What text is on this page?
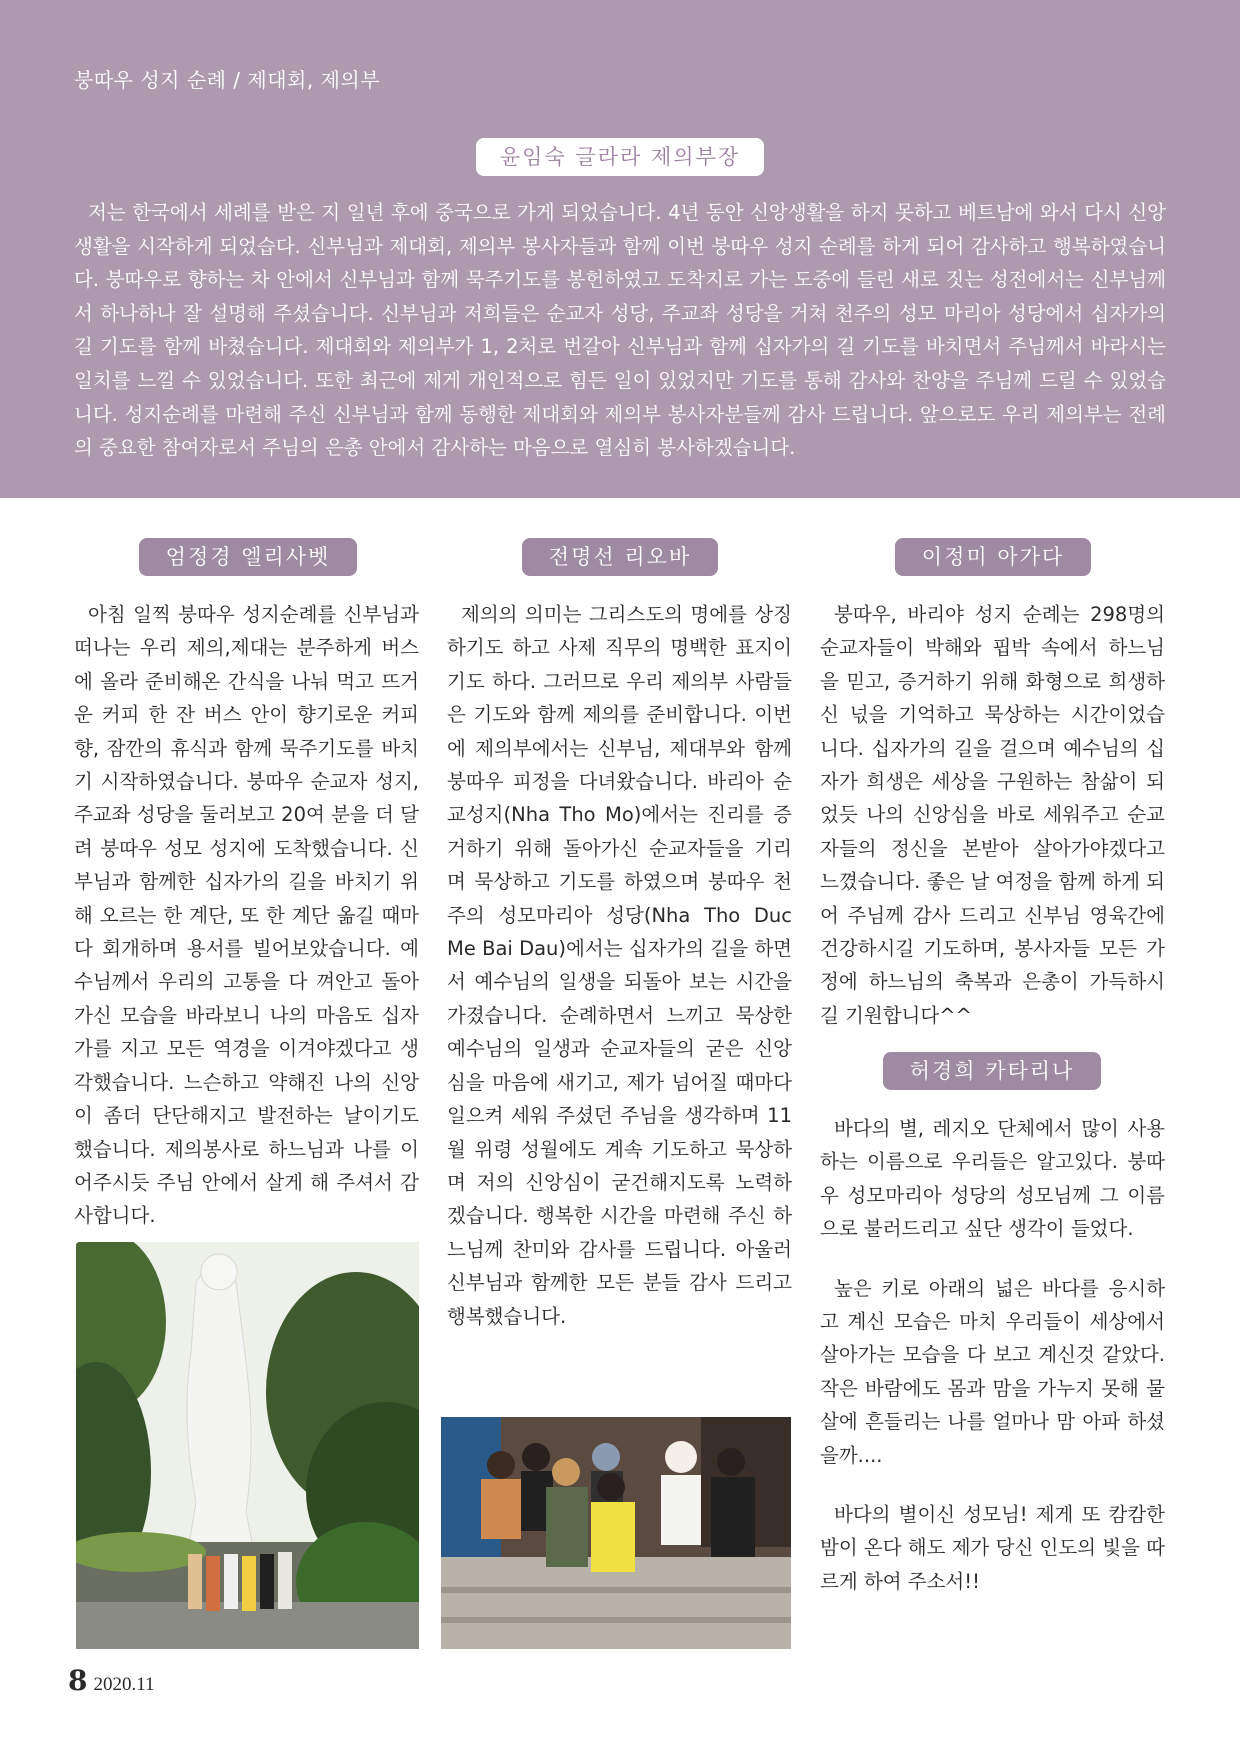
붕따우 성지 순례 / 제대회, 제의부
윤임숙 글라라 제의부장

저는 한국에서 세례를 받은 지 일년 후에 중국으로 가게 되었습니다. 4년 동안 신앙생활을 하지 못하고 베트남에 와서 다시 신앙생활을 시작하게 되었습다. 신부님과 제대회, 제의부 봉사자들과 함께 이번 붕따우 성지 순례를 하게 되어 감사하고 행복하였습니다. 붕따우로 향하는 차 안에서 신부님과 함께 묵주기도를 봉헌하였고 도착지로 가는 도중에 들린 새로 짓는 성전에서는 신부님께서 하나하나 잘 설명해 주셨습니다. 신부님과 저희들은 순교자 성당, 주교좌 성당을 거쳐 천주의 성모 마리아 성당에서 십자가의 길 기도를 함께 바쳤습니다. 제대회와 제의부가 1, 2처로 번갈아 신부님과 함께 십자가의 길 기도를 바치면서 주님께서 바라시는 일치를 느낄 수 있었습니다. 또한 최근에 제게 개인적으로 힘든 일이 있었지만 기도를 통해 감사와 찬양을 주님께 드릴 수 있었습니다. 성지순례를 마련해 주신 신부님과 함께 동행한 제대회와 제의부 봉사자분들께 감사 드립니다. 앞으로도 우리 제의부는 전례의 중요한 참여자로서 주님의 은총 안에서 감사하는 마음으로 열심히 봉사하겠습니다.

엄정경 엘리사벳

아침 일찍 붕따우 성지순례를 신부님과 떠나는 우리 제의,제대는 분주하게 버스에 올라 준비해온 간식을 나눠 먹고 뜨거운 커피 한 잔 버스 안이 향기로운 커피향, 잠깐의 휴식과 함께 묵주기도를 바치기 시작하였습니다. 붕따우 순교자 성지, 주교좌 성당을 둘러보고 20여 분을 더 달려 붕따우 성모 성지에 도착했습니다. 신부님과 함께한 십자가의 길을 바치기 위해 오르는 한 계단, 또 한 계단 옮길 때마다 회개하며 용서를 빌어보았습니다. 예수님께서 우리의 고통을 다 껴안고 돌아가신 모습을 바라보니 나의 마음도 십자가를 지고 모든 역경을 이겨야겠다고 생각했습니다. 느슨하고 약해진 나의 신앙이 좀더 단단해지고 발전하는 날이기도 했습니다. 제의봉사로 하느님과 나를 이어주시듯 주님 안에서 살게 해 주셔서 감사합니다.

전명선 리오바

제의의 의미는 그리스도의 명에를 상징하기도 하고 사제 직무의 명백한 표지이기도 하다. 그러므로 우리 제의부 사람들은 기도와 함께 제의를 준비합니다. 이번에 제의부에서는 신부님, 제대부와 함께 붕따우 피정을 다녀왔습니다. 바리아 순교성지(Nha Tho Mo)에서는 진리를 증거하기 위해 돌아가신 순교자들을 기리며 묵상하고 기도를 하였으며 붕따우 천주의 성모마리아 성당(Nha Tho Duc Me Bai Dau)에서는 십자가의 길을 하면서 예수님의 일생을 되돌아 보는 시간을 가졌습니다. 순례하면서 느끼고 묵상한 예수님의 일생과 순교자들의 굳은 신앙심을 마음에 새기고, 제가 넘어질 때마다 일으켜 세워 주셨던 주님을 생각하며 11월 위령 성월에도 계속 기도하고 묵상하며 저의 신앙심이 굳건해지도록 노력하겠습니다. 행복한 시간을 마련해 주신 하느님께 찬미와 감사를 드립니다. 아울러 신부님과 함께한 모든 분들 감사 드리고 행복했습니다.

이정미 아가다

붕따우, 바리야 성지 순례는 298명의 순교자들이 박해와 핍박 속에서 하느님을 믿고, 증거하기 위해 화형으로 희생하신 넋을 기억하고 묵상하는 시간이었습니다. 십자가의 길을 걸으며 예수님의 십자가 희생은 세상을 구원하는 참삶이 되었듯 나의 신앙심을 바로 세워주고 순교자들의 정신을 본받아 살아가야겠다고 느꼈습니다. 좋은 날 여정을 함께 하게 되어 주님께 감사 드리고 신부님 영육간에 건강하시길 기도하며, 봉사자들 모든 가정에 하느님의 축복과 은총이 가득하시길 기원합니다^^

허경희 카타리나

바다의 별, 레지오 단체에서 많이 사용하는 이름으로 우리들은 알고있다. 붕따우 성모마리아 성당의 성모님께 그 이름으로 불러드리고 싶단 생각이 들었다.

높은 키로 아래의 넓은 바다를 응시하고 계신 모습은 마치 우리들이 세상에서 살아가는 모습을 다 보고 계신것 같았다. 작은 바람에도 몸과 맘을 가누지 못해 물살에 흔들리는 나를 얼마나 맘 아파 하셨을까....

바다의 별이신 성모님! 제게 또 캄캄한 밤이 온다 해도 제가 당신 인도의 빛을 따르게 하여 주소서!!

8 2020.11
